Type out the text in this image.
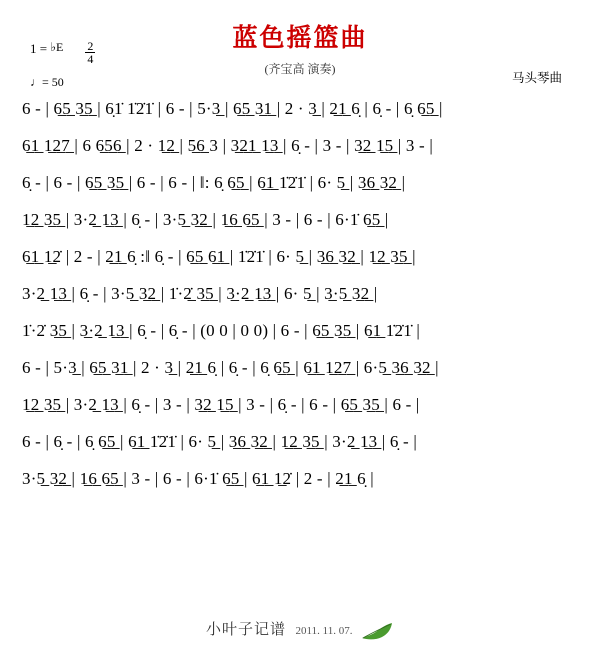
蓝色摇篮曲
(齐宝高 演奏)
1 = ♭E $\frac{2}{4}$
♩= 50	马头琴曲
6 - | 6̲5̲ 3̲5̲ | 6̣1̇ 1̇2̇1̇ | 6 - | 5·3̲ | 6̲5̲ 3̲1̲ | 2 · 3̲ | 2̲1̲ 6̣ | 6̣ - | 6̣ 6̲5̲ |
6̲1̲ 1̲2̲7̲ | 6 6̲5̲6̲ | 2 · 1̲2̲ | 5̲6̲ 3 | 3̲2̲1̲ 1̲3̲ | 6̣ - | 3 - | 3̲2̲ 1̲5̲ | 3 - |
6̣ - | 6 - | 6̲5̲ 3̲5̲ | 6 - | 6 - | ‖: 6̣ 6̲5̲ | 6̲1̲ 1̇2̇1̇ | 6· 5̲ | 3̲6̲ 3̲2̲ |
1̲2̲ 3̲5̲ | 3·2̲ 1̲3̲ | 6̣ - | 3·5̲ 3̲2̲ | 1̲6̲ 6̲5̲ | 3 - | 6 - | 6·1̇ 6̲5̲ |
6̲1̲ 1̲2̇ | 2 - | 2̲1̲ 6̣ :‖ 6̣ - | 6̲5̲ 6̲1̲ | 1̇2̇1̇ | 6· 5̲ | 3̲6̲ 3̲2̲ | 1̲2̲ 3̲5̲ |
3·2̲ 1̲3̲ | 6̣ - | 3·5̲ 3̲2̲ | 1̇·2̲̇ 3̲5̲ | 3̲·2̲ 1̲3̲ | 6· 5̲ | 3̲·5̲ 3̲2̲ |
1̇·2̇ 3̲5̲ | 3̲·2̲ 1̲3̲ | 6̣ - | 6̣ - | (0 0 | 0 0) | 6 - | 6̲5̲ 3̲5̲ | 6̲1̲ 1̇2̇1̇ |
6 - | 5·3̲ | 6̲5̲ 3̲1̲ | 2 · 3̲ | 2̲1̲ 6̣ | 6̣ - | 6̣ 6̲5̲ | 6̲1̲ 1̲2̲7̲ | 6·5̲ 3̲6̲ 3̲2̲ |
1̲2̲ 3̲5̲ | 3·2̲ 1̲3̲ | 6̣ - | 3 - | 3̲2̲ 1̲5̲ | 3 - | 6̣ - | 6 - | 6̲5̲ 3̲5̲ | 6 - |
6 - | 6̣ - | 6̣ 6̲5̲ | 6̲1̲ 1̇2̇1̇ | 6· 5̲ | 3̲6̲ 3̲2̲ | 1̲2̲ 3̲5̲ | 3·2̲ 1̲3̲ | 6̣ - |
3·5̲ 3̲2̲ | 1̲6̲ 6̲5̲ | 3 - | 6 - | 6·1̇ 6̲5̲ | 6̲1̲ 1̲2̇ | 2 - | 2̲1̲ 6̣ |
小叶子记谱 2011. 11. 07.
